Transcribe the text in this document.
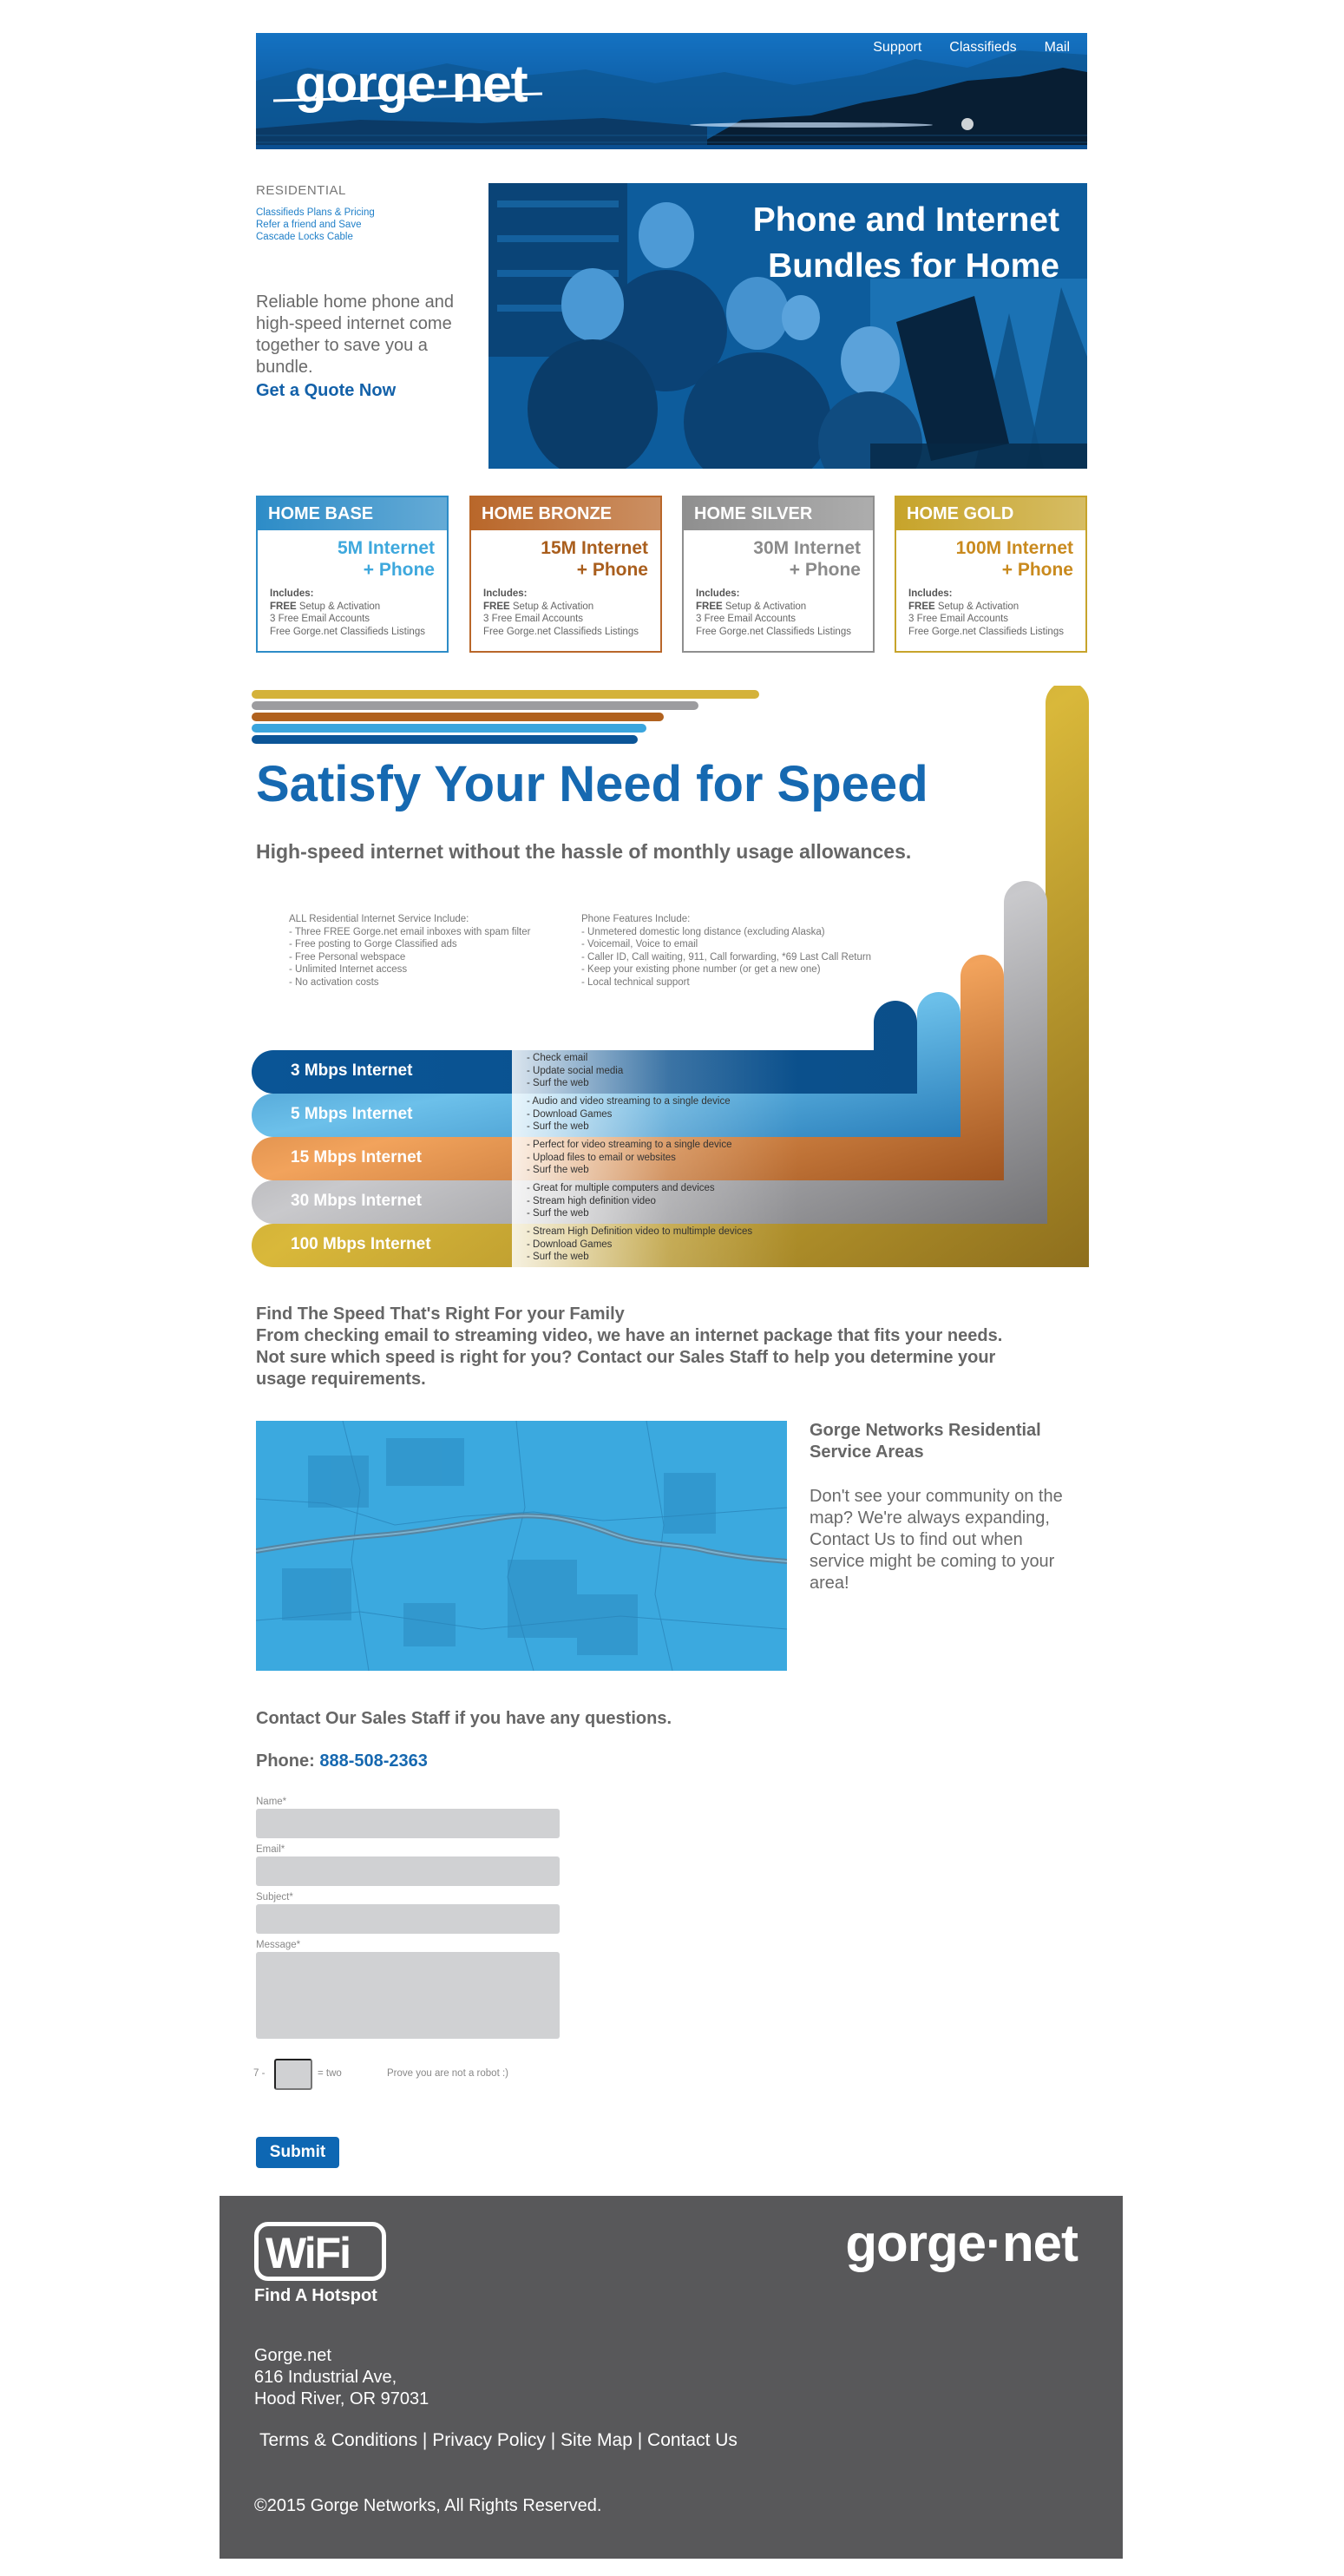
gorge·net
Support Classifieds Mail
RESIDENTIAL
Classifieds Plans & Pricing
Refer a friend and Save
Cascade Locks Cable
Reliable home phone and high-speed internet come together to save you a bundle.
Get a Quote Now
Phone and Internet
Bundles for Home
HOME BASE
5M Internet
+ Phone
Includes:
FREE Setup & Activation
3 Free Email Accounts
Free Gorge.net Classifieds Listings
HOME BRONZE
15M Internet
+ Phone
Includes:
FREE Setup & Activation
3 Free Email Accounts
Free Gorge.net Classifieds Listings
HOME SILVER
30M Internet
+ Phone
Includes:
FREE Setup & Activation
3 Free Email Accounts
Free Gorge.net Classifieds Listings
HOME GOLD
100M Internet
+ Phone
Includes:
FREE Setup & Activation
3 Free Email Accounts
Free Gorge.net Classifieds Listings
Satisfy Your Need for Speed
High-speed internet without the hassle of monthly usage allowances.
ALL Residential Internet Service Include:
- Three FREE Gorge.net email inboxes with spam filter
- Free posting to Gorge Classified ads
- Free Personal webspace
- Unlimited Internet access
- No activation costs
Phone Features Include:
- Unmetered domestic long distance (excluding Alaska)
- Voicemail, Voice to email
- Caller ID, Call waiting, 911, Call forwarding, *69 Last Call Return
- Keep your existing phone number (or get a new one)
- Local technical support
3 Mbps Internet
- Check email
- Update social media
- Surf the web
5 Mbps Internet
- Audio and video streaming to a single device
- Download Games
- Surf the web
15 Mbps Internet
- Perfect for video streaming to a single device
- Upload files to email or websites
- Surf the web
30 Mbps Internet
- Great for multiple computers and devices
- Stream high definition video
- Surf the web
100 Mbps Internet
- Stream High Definition video to multimple devices
- Download Games
- Surf the web
Find The Speed That's Right For your Family
From checking email to streaming video, we have an internet package that fits your needs.
Not sure which speed is right for you? Contact our Sales Staff to help you determine your
usage requirements.
Gorge Networks Residential Service Areas
Don't see your community on the map? We're always expanding, Contact Us to find out when service might be coming to your area!
Contact Our Sales Staff if you have any questions.
Phone: 888-508-2363
Name*
Email*
Subject*
Message*
7 -	= two	Prove you are not a robot :)
Submit
WiFi
Find A Hotspot
gorge·net
Gorge.net
616 Industrial Ave,
Hood River, OR 97031
Terms & Conditions | Privacy Policy | Site Map | Contact Us
©2015 Gorge Networks, All Rights Reserved.
